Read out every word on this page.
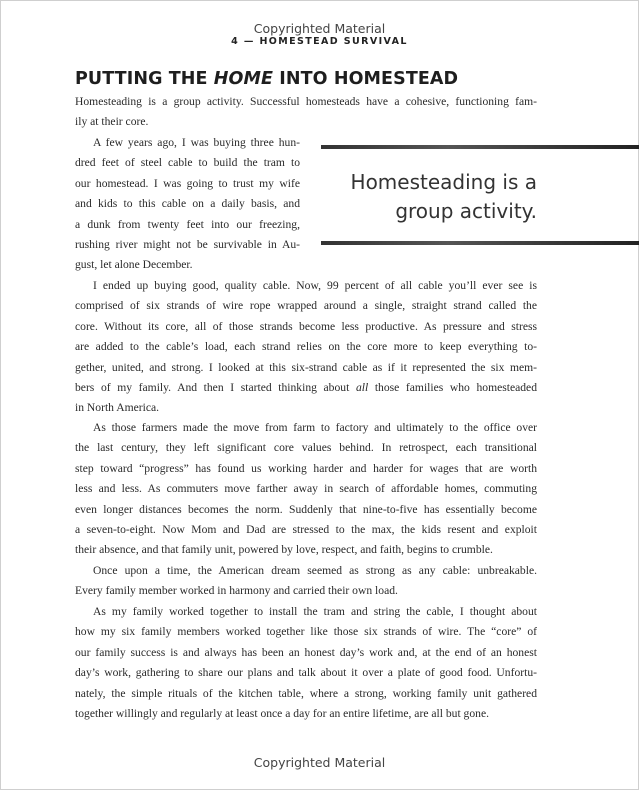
Copyrighted Material
4 — HOMESTEAD SURVIVAL
PUTTING THE HOME INTO HOMESTEAD
Homesteading is a group activity. Successful homesteads have a cohesive, functioning fam-
ily at their core.
A few years ago, I was buying three hun-
dred feet of steel cable to build the tram to
our homestead. I was going to trust my wife
and kids to this cable on a daily basis, and
a dunk from twenty feet into our freezing,
rushing river might not be survivable in Au-
gust, let alone December.
Homesteading is a
group activity.
I ended up buying good, quality cable. Now, 99 percent of all cable you’ll ever see is
comprised of six strands of wire rope wrapped around a single, straight strand called the
core. Without its core, all of those strands become less productive. As pressure and stress
are added to the cable’s load, each strand relies on the core more to keep everything to-
gether, united, and strong. I looked at this six-strand cable as if it represented the six mem-
bers of my family. And then I started thinking about all those families who homesteaded
in North America.
As those farmers made the move from farm to factory and ultimately to the office over
the last century, they left significant core values behind. In retrospect, each transitional
step toward “progress” has found us working harder and harder for wages that are worth
less and less. As commuters move farther away in search of affordable homes, commuting
even longer distances becomes the norm. Suddenly that nine-to-five has essentially become
a seven-to-eight. Now Mom and Dad are stressed to the max, the kids resent and exploit
their absence, and that family unit, powered by love, respect, and faith, begins to crumble.
Once upon a time, the American dream seemed as strong as any cable: unbreakable.
Every family member worked in harmony and carried their own load.
As my family worked together to install the tram and string the cable, I thought about
how my six family members worked together like those six strands of wire. The “core” of
our family success is and always has been an honest day’s work and, at the end of an honest
day’s work, gathering to share our plans and talk about it over a plate of good food. Unfortu-
nately, the simple rituals of the kitchen table, where a strong, working family unit gathered
together willingly and regularly at least once a day for an entire lifetime, are all but gone.
Copyrighted Material
